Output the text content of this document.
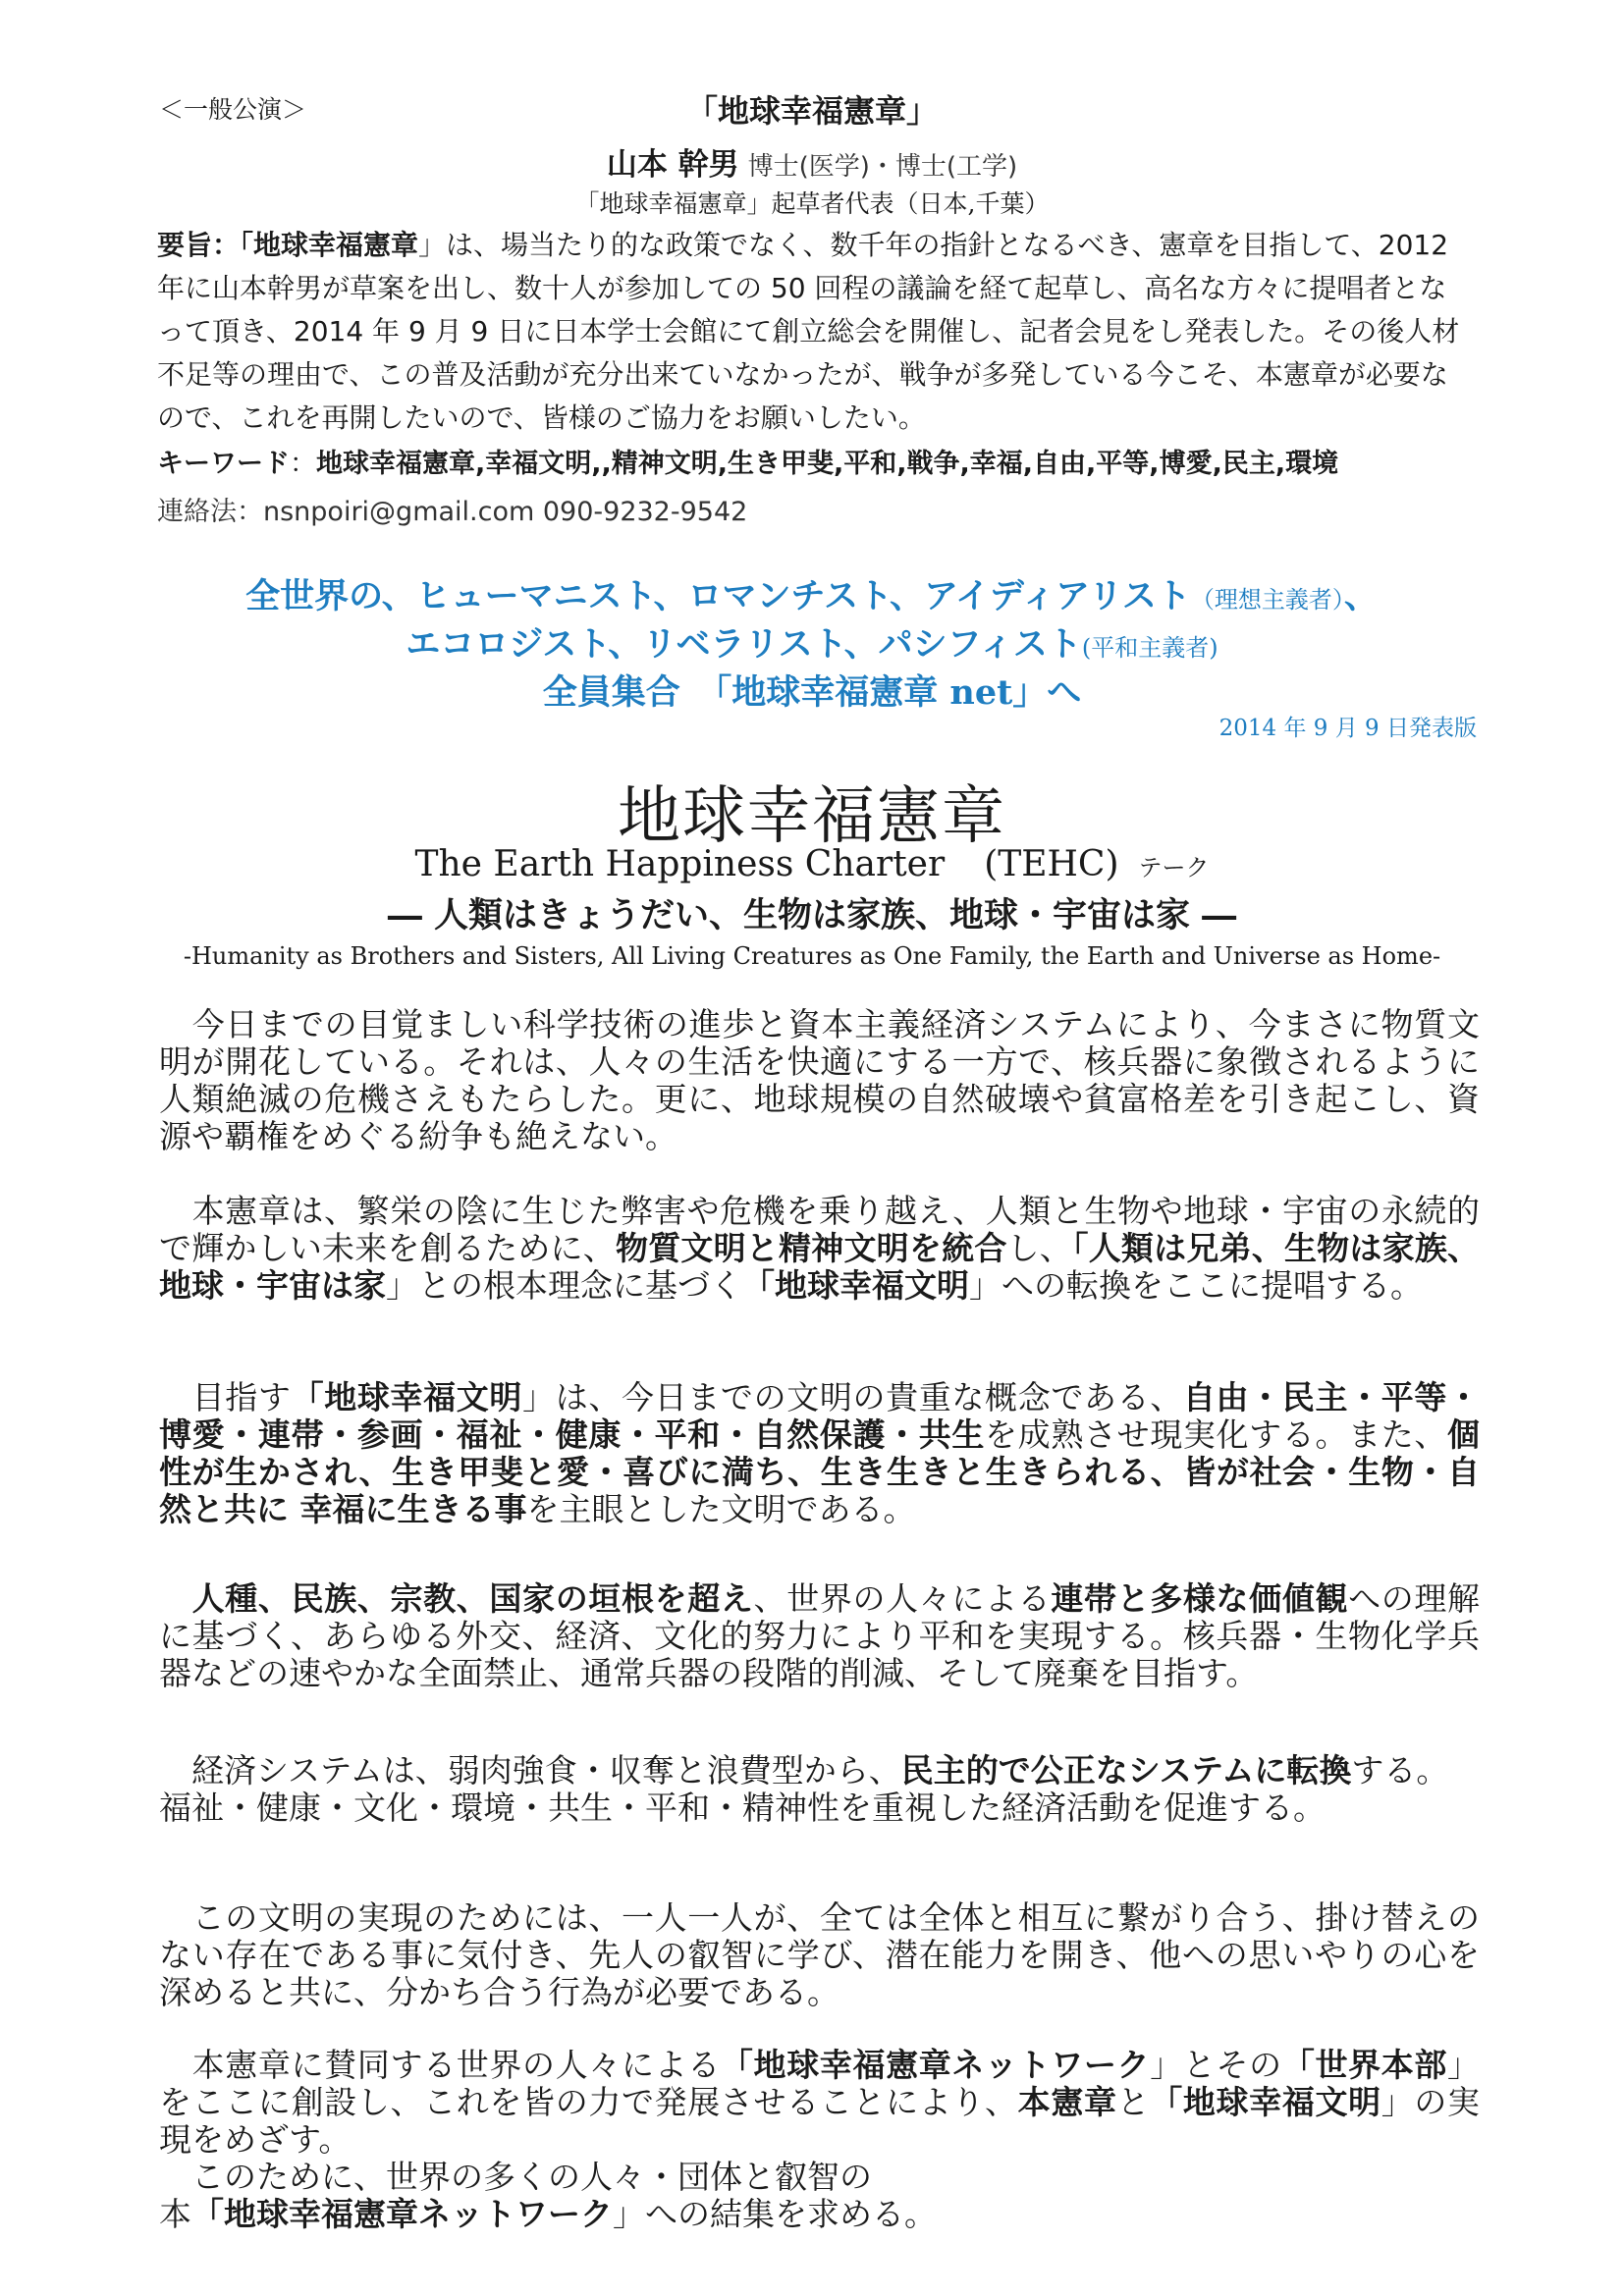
＜一般公演＞	「地球幸福憲章」
山本 幹男 博士(医学)・博士(工学)
「地球幸福憲章」起草者代表（日本,千葉）
要旨：「地球幸福憲章」は、場当たり的な政策でなく、数千年の指針となるべき、憲章を目指して、2012 年に山本幹男が草案を出し、数十人が参加しての 50 回程の議論を経て起草し、高名な方々に提唱者となって頂き、2014 年 9 月 9 日に日本学士会館にて創立総会を開催し、記者会見をし発表した。その後人材不足等の理由で、この普及活動が充分出来ていなかったが、戦争が多発している今こそ、本憲章が必要なので、これを再開したいので、皆様のご協力をお願いしたい。
キーワード：地球幸福憲章,幸福文明,,精神文明,生き甲斐,平和,戦争,幸福,自由,平等,博愛,民主,環境
連絡法：nsnpoiri@gmail.com 090-9232-9542
全世界の、ヒューマニスト、ロマンチスト、アイディアリスト（理想主義者）、
エコロジスト、リベラリスト、パシフィスト(平和主義者)
全員集合　「地球幸福憲章 net」へ
2014 年 9 月 9 日発表版
地球幸福憲章
The Earth Happiness Charter (TEHC) テーク
― 人類はきょうだい、生物は家族、地球・宇宙は家 ―
-Humanity as Brothers and Sisters, All Living Creatures as One Family, the Earth and Universe as Home-
　今日までの目覚ましい科学技術の進歩と資本主義経済システムにより、今まさに物質文明が開花している。それは、人々の生活を快適にする一方で、核兵器に象徴されるように人類絶滅の危機さえもたらした。更に、地球規模の自然破壊や貧富格差を引き起こし、資源や覇権をめぐる紛争も絶えない。
　本憲章は、繁栄の陰に生じた弊害や危機を乗り越え、人類と生物や地球・宇宙の永続的で輝かしい未来を創るために、物質文明と精神文明を統合し、「人類は兄弟、生物は家族、地球・宇宙は家」との根本理念に基づく「地球幸福文明」への転換をここに提唱する。
　目指す「地球幸福文明」は、今日までの文明の貴重な概念である、自由・民主・平等・博愛・連帯・参画・福祉・健康・平和・自然保護・共生を成熟させ現実化する。また、個性が生かされ、生き甲斐と愛・喜びに満ち、生き生きと生きられる、皆が社会・生物・自然と共に 幸福に生きる事を主眼とした文明である。
　人種、民族、宗教、国家の垣根を超え、世界の人々による連帯と多様な価値観への理解に基づく、あらゆる外交、経済、文化的努力により平和を実現する。核兵器・生物化学兵器などの速やかな全面禁止、通常兵器の段階的削減、そして廃棄を目指す。
　経済システムは、弱肉強食・収奪と浪費型から、民主的で公正なシステムに転換する。
福祉・健康・文化・環境・共生・平和・精神性を重視した経済活動を促進する。
　この文明の実現のためには、一人一人が、全ては全体と相互に繋がり合う、掛け替えのない存在である事に気付き、先人の叡智に学び、潜在能力を開き、他への思いやりの心を深めると共に、分かち合う行為が必要である。
　本憲章に賛同する世界の人々による「地球幸福憲章ネットワーク」とその「世界本部」をここに創設し、これを皆の力で発展させることにより、本憲章と「地球幸福文明」の実現をめざす。
　このために、世界の多くの人々・団体と叡智の
本「地球幸福憲章ネットワーク」への結集を求める。
